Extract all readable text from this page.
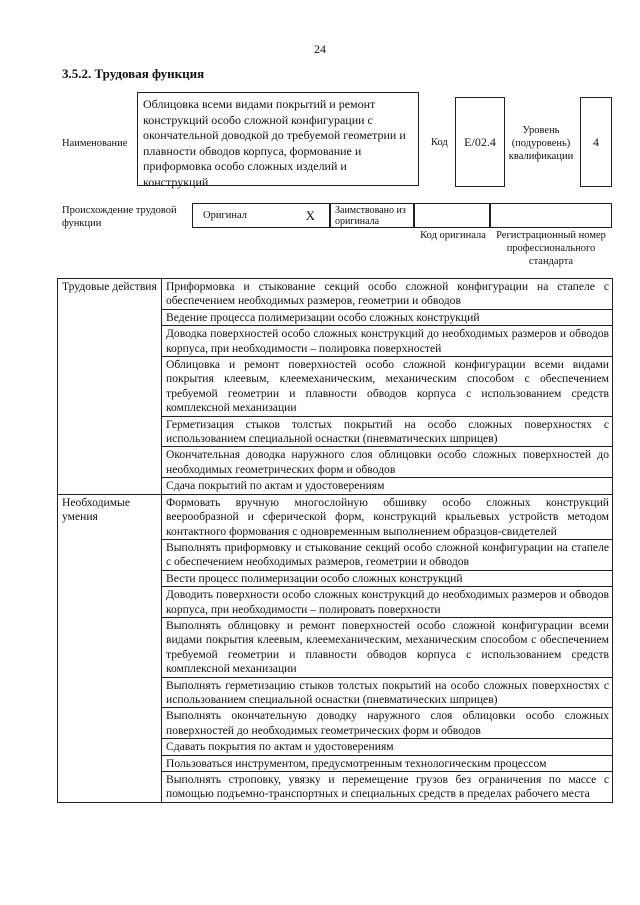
24
3.5.2. Трудовая функция
Наименование
Облицовка всеми видами покрытий и ремонт конструкций особо сложной конфигурации с окончательной доводкой до требуемой геометрии и плавности обводов корпуса, формование и приформовка особо сложных изделий и конструкций
Код	E/02.4
Уровень (подуровень) квалификации
4
Происхождение трудовой функции
Оригинал	X	Заимствовано из оригинала
Код оригинала Регистрационный номер профессионального стандарта
Трудовые действия	Приформовка и стыкование секций особо сложной конфигурации на стапеле с обеспечением необходимых размеров, геометрии и обводов
	Ведение процесса полимеризации особо сложных конструкций
	Доводка поверхностей особо сложных конструкций до необходимых размеров и обводов корпуса, при необходимости – полировка поверхностей
	Облицовка и ремонт поверхностей особо сложной конфигурации всеми видами покрытия клеевым, клеемеханическим, механическим способом с обеспечением требуемой геометрии и плавности обводов корпуса с использованием средств комплексной механизации
	Герметизация стыков толстых покрытий на особо сложных поверхностях с использованием специальной оснастки (пневматических шприцев)
	Окончательная доводка наружного слоя облицовки особо сложных поверхностей до необходимых геометрических форм и обводов
	Сдача покрытий по актам и удостоверениям
Необходимые умения	Формовать вручную многослойную обшивку особо сложных конструкций веерообразной и сферической форм, конструкций крыльевых устройств методом контактного формования с одновременным выполнением образцов-свидетелей
	Выполнять приформовку и стыкование секций особо сложной конфигурации на стапеле с обеспечением необходимых размеров, геометрии и обводов
	Вести процесс полимеризации особо сложных конструкций
	Доводить поверхности особо сложных конструкций до необходимых размеров и обводов корпуса, при необходимости – полировать поверхности
	Выполнять облицовку и ремонт поверхностей особо сложной конфигурации всеми видами покрытия клеевым, клеемеханическим, механическим способом с обеспечением требуемой геометрии и плавности обводов корпуса с использованием средств комплексной механизации
	Выполнять герметизацию стыков толстых покрытий на особо сложных поверхностях с использованием специальной оснастки (пневматических шприцев)
	Выполнять окончательную доводку наружного слоя облицовки особо сложных поверхностей до необходимых геометрических форм и обводов
	Сдавать покрытия по актам и удостоверениям
	Пользоваться инструментом, предусмотренным технологическим процессом
	Выполнять строповку, увязку и перемещение грузов без ограничения по массе с помощью подъемно-транспортных и специальных средств в пределах рабочего места
